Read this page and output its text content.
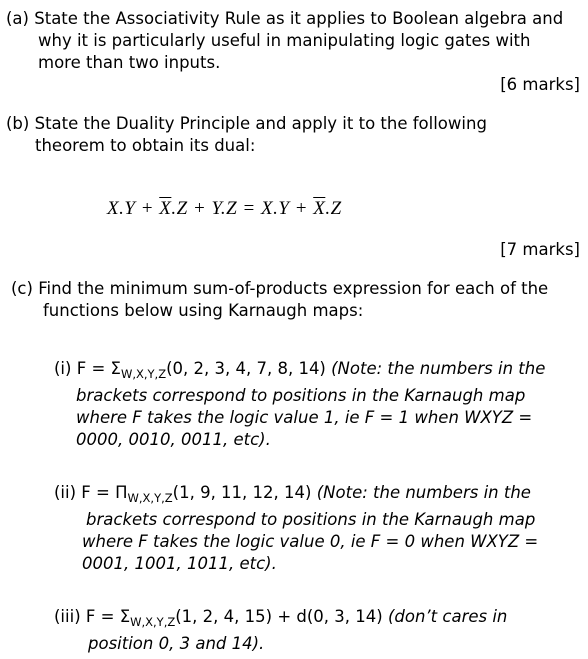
(a) State the Associativity Rule as it applies to Boolean algebra and
why it is particularly useful in manipulating logic gates with
more than two inputs.
[6 marks]
(b) State the Duality Principle and apply it to the following
theorem to obtain its dual:
$X.Y + \overline{X}.Z + Y.Z = X.Y + \overline{X}.Z$
[7 marks]
(c) Find the minimum sum-of-products expression for each of the
functions below using Karnaugh maps:
(i) $F = \Sigma_{W,X,Y,Z}(0$, 2, 3, 4, 7, 8, 14) (Note: the numbers in the
brackets correspond to positions in the Karnaugh map
where F takes the logic value 1, ie F = 1 when WXYZ =
0000, 0010, 0011, etc).
(ii) $F = \Pi_{W,X,Y,Z}(1$, 9, 11, 12, 14) (Note: the numbers in the
brackets correspond to positions in the Karnaugh map
where F takes the logic value 0, ie F = 0 when WXYZ =
0001, 1001, 1011, etc).
(iii) $F = \Sigma_{W,X,Y,Z}(1$, 2, 4, 15) + d(0, 3, 14) (don’t cares in
position 0, 3 and 14).
